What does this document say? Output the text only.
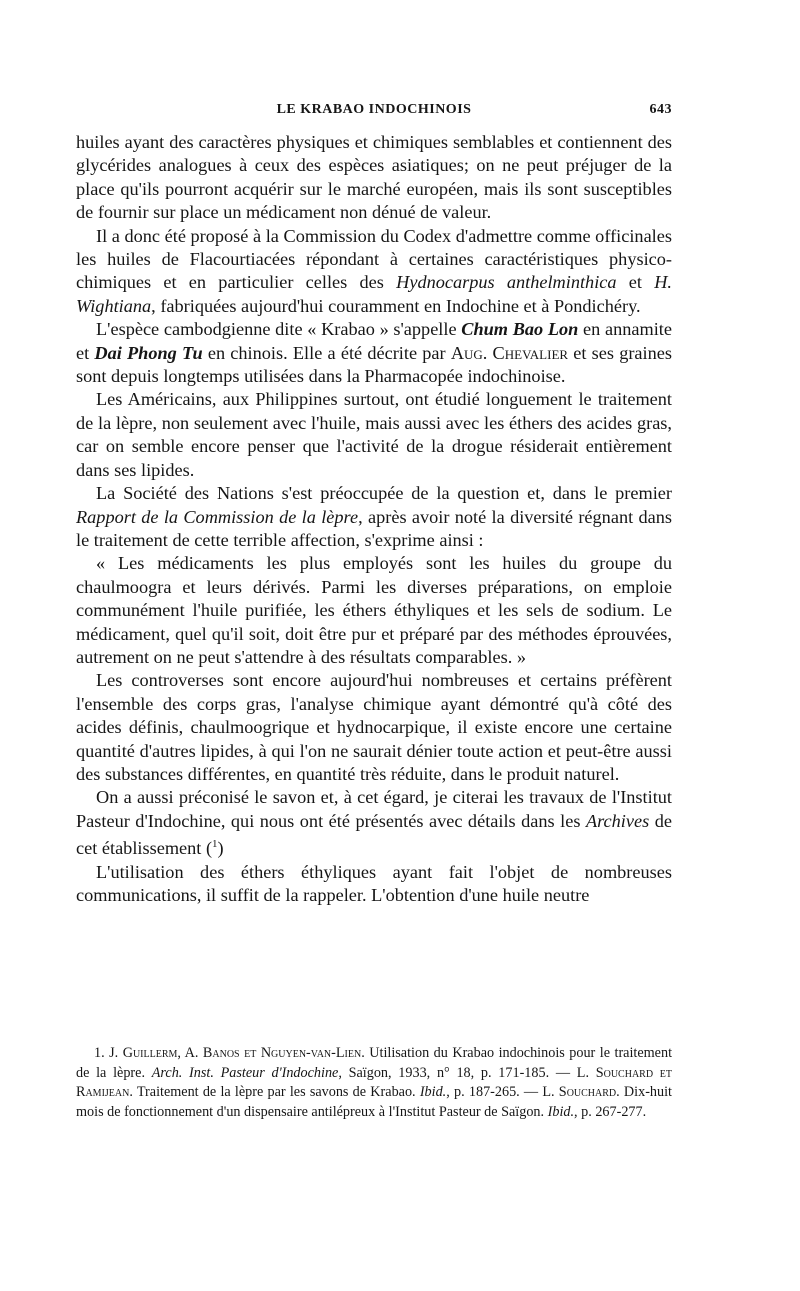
LE KRABAO INDOCHINOIS	643

huiles ayant des caractères physiques et chimiques semblables et contiennent des glycérides analogues à ceux des espèces asiatiques; on ne peut préjuger de la place qu'ils pourront acquérir sur le marché européen, mais ils sont susceptibles de fournir sur place un médicament non dénué de valeur.

Il a donc été proposé à la Commission du Codex d'admettre comme officinales les huiles de Flacourtiacées répondant à certaines caractéristiques physico-chimiques et en particulier celles des Hydnocarpus anthelminthica et H. Wightiana, fabriquées aujourd'hui couramment en Indochine et à Pondichéry.

L'espèce cambodgienne dite « Krabao » s'appelle Chum Bao Lon en annamite et Dai Phong Tu en chinois. Elle a été décrite par Aug. Chevalier et ses graines sont depuis longtemps utilisées dans la Pharmacopée indochinoise.

Les Américains, aux Philippines surtout, ont étudié longuement le traitement de la lèpre, non seulement avec l'huile, mais aussi avec les éthers des acides gras, car on semble encore penser que l'activité de la drogue résiderait entièrement dans ses lipides.

La Société des Nations s'est préoccupée de la question et, dans le premier Rapport de la Commission de la lèpre, après avoir noté la diversité régnant dans le traitement de cette terrible affection, s'exprime ainsi :

« Les médicaments les plus employés sont les huiles du groupe du chaulmoogra et leurs dérivés. Parmi les diverses préparations, on emploie communément l'huile purifiée, les éthers éthyliques et les sels de sodium. Le médicament, quel qu'il soit, doit être pur et préparé par des méthodes éprouvées, autrement on ne peut s'attendre à des résultats comparables. »

Les controverses sont encore aujourd'hui nombreuses et certains préfèrent l'ensemble des corps gras, l'analyse chimique ayant démontré qu'à côté des acides définis, chaulmoogrique et hydnocarpique, il existe encore une certaine quantité d'autres lipides, à qui l'on ne saurait dénier toute action et peut-être aussi des substances différentes, en quantité très réduite, dans le produit naturel.

On a aussi préconisé le savon et, à cet égard, je citerai les travaux de l'Institut Pasteur d'Indochine, qui nous ont été présentés avec détails dans les Archives de cet établissement ($^1$)

L'utilisation des éthers éthyliques ayant fait l'objet de nombreuses communications, il suffit de la rappeler. L'obtention d'une huile neutre

1. J. Guillerm, A. Banos et Nguyen-van-Lien. Utilisation du Krabao indochinois pour le traitement de la lèpre. Arch. Inst. Pasteur d'Indochine, Saïgon, 1933, n° 18, p. 171-185. — L. Souchard et Ramijean. Traitement de la lèpre par les savons de Krabao. Ibid., p. 187-265. — L. Souchard. Dix-huit mois de fonctionnement d'un dispensaire antilépreux à l'Institut Pasteur de Saïgon. Ibid., p. 267-277.
